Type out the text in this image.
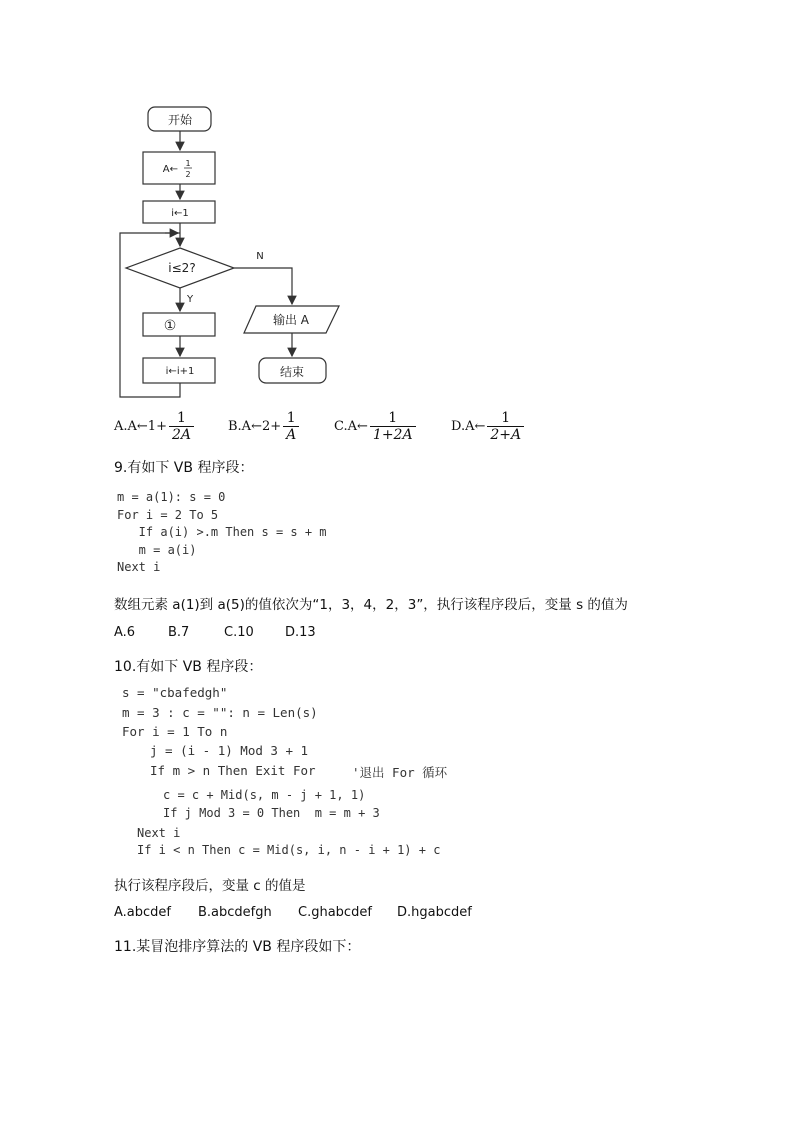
开始
A←
1
2
i←1
i≤2?
N
Y
①
i←i+1
输出 A
结束
A.A←1+ $\frac{1}{2A}$	B.A←2+ $\frac{1}{A}$	C.A← $\frac{1}{1+2A}$	D.A← $\frac{1}{2+A}$
9.有如下 VB 程序段：
m = a(1): s = 0
For i = 2 To 5
If a(i) >.m Then s = s + m
m = a(i)
Next i
数组元素 a(1)到 a(5)的值依次为“1，3，4，2，3”，执行该程序段后，变量 s 的值为
A.6	B.7	C.10 D.13
10.有如下 VB 程序段：
s = "cbafedgh"
m = 3 : c = "": n = Len(s)
For i = 1 To n
j = (i - 1) Mod 3 + 1
If m > n Then Exit For	'退出 For 循环
c = c + Mid(s, m - j + 1, 1)
If j Mod 3 = 0 Then  m = m + 3
Next i
If i < n Then c = Mid(s, i, n - i + 1) + c
执行该程序段后，变量 c 的值是
A.abcdef B.abcdefgh C.ghabcdef D.hgabcdef
11.某冒泡排序算法的 VB 程序段如下：
